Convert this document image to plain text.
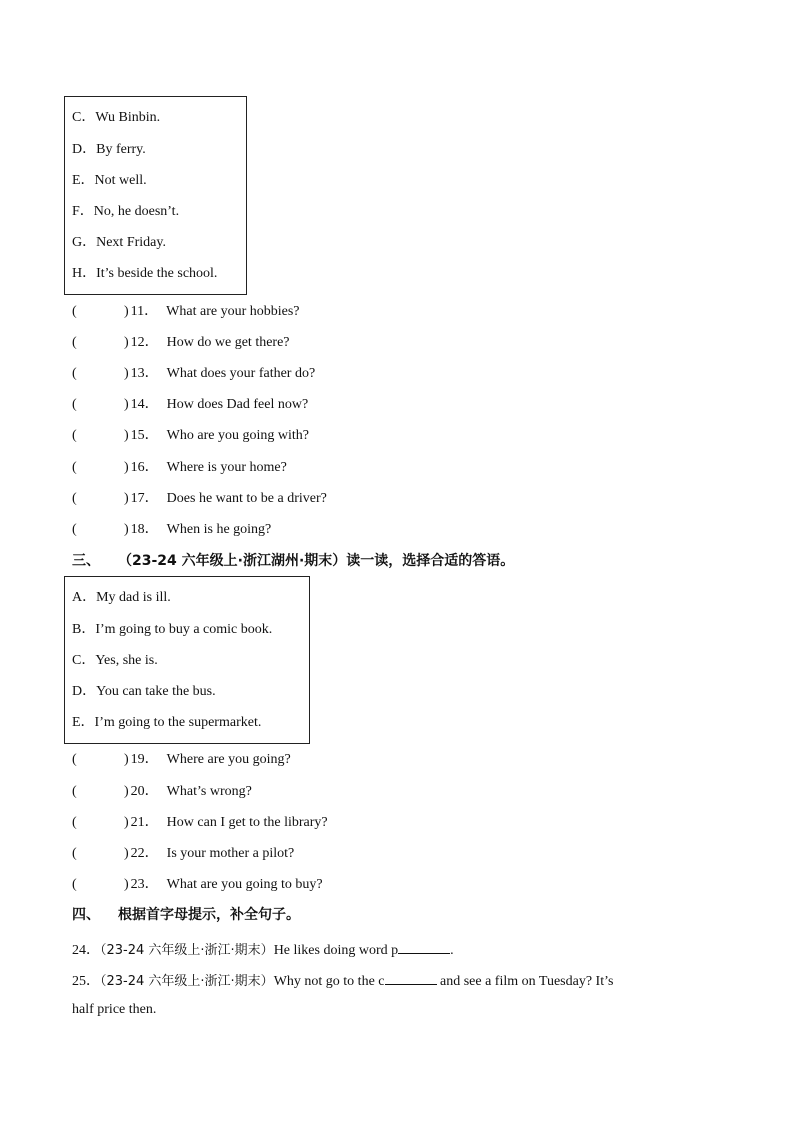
C．Wu Binbin.
D．By ferry.
E．Not well.
F．No, he doesn’t.
G．Next Friday.
H．It’s beside the school.
(	) 11． What are your hobbies?
(	) 12． How do we get there?
(	) 13． What does your father do?
(	) 14． How does Dad feel now?
(	) 15． Who are you going with?
(	) 16． Where is your home?
(	) 17． Does he want to be a driver?
(	) 18． When is he going?
三、 （23-24 六年级上·浙江湖州·期末）读一读，选择合适的答语。
A．My dad is ill.
B．I’m going to buy a comic book.
C．Yes, she is.
D．You can take the bus.
E．I’m going to the supermarket.
(	) 19． Where are you going?
(	) 20． What’s wrong?
(	) 21． How can I get to the library?
(	) 22． Is your mother a pilot?
(	) 23． What are you going to buy?
四、 根据首字母提示，补全句子。
24．（23-24 六年级上·浙江·期末）He likes doing word p	.
25．（23-24 六年级上·浙江·期末）Why not go to the c	and see a film on Tuesday? It’s
half price then.
